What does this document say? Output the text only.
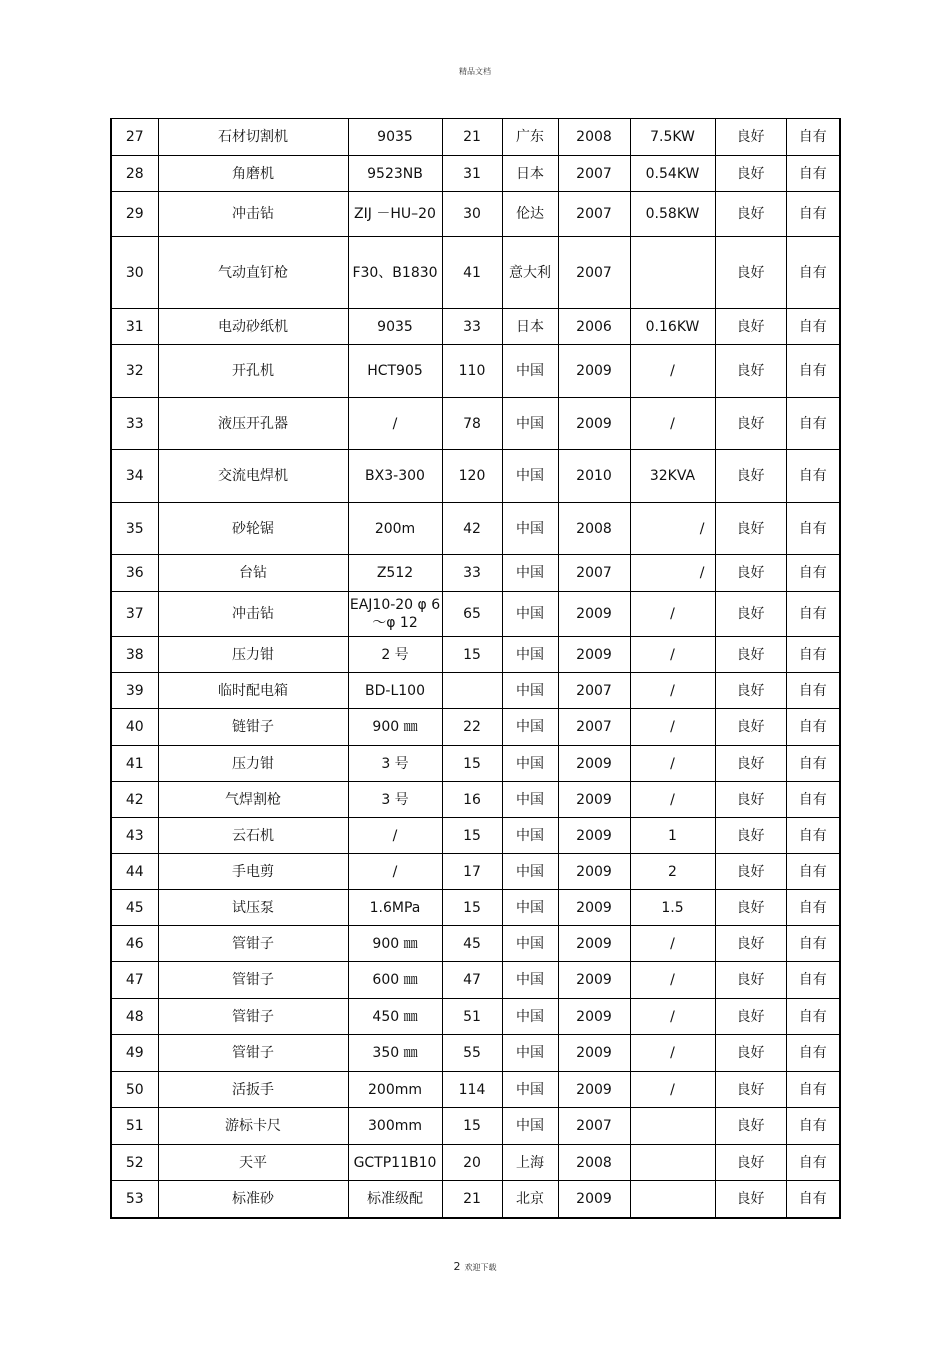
精品文档
27	石材切割机	9035	21	广东	2008	7.5KW	良好	自有
28	角磨机	9523NB	31	日本	2007	0.54KW	良好	自有
29	冲击钻	ZIJ －HU–20	30	伦达	2007	0.58KW	良好	自有
30	气动直钉枪	F30、B1830	41	意大利	2007		良好	自有
31	电动砂纸机	9035	33	日本	2006	0.16KW	良好	自有
32	开孔机	HCT905	110	中国	2009	/	良好	自有
33	液压开孔器	/	78	中国	2009	/	良好	自有
34	交流电焊机	BX3-300	120	中国	2010	32KVA	良好	自有
35	砂轮锯	200m	42	中国	2008	/	良好	自有
36	台钻	Z512	33	中国	2007	/	良好	自有
37	冲击钻	EAJ10-20 φ 6～φ 12	65	中国	2009	/	良好	自有
38	压力钳	2 号	15	中国	2009	/	良好	自有
39	临时配电箱	BD-L100		中国	2007	/	良好	自有
40	链钳子	900 ㎜	22	中国	2007	/	良好	自有
41	压力钳	3 号	15	中国	2009	/	良好	自有
42	气焊割枪	3 号	16	中国	2009	/	良好	自有
43	云石机	/	15	中国	2009	1	良好	自有
44	手电剪	/	17	中国	2009	2	良好	自有
45	试压泵	1.6MPa	15	中国	2009	1.5	良好	自有
46	管钳子	900 ㎜	45	中国	2009	/	良好	自有
47	管钳子	600 ㎜	47	中国	2009	/	良好	自有
48	管钳子	450 ㎜	51	中国	2009	/	良好	自有
49	管钳子	350 ㎜	55	中国	2009	/	良好	自有
50	活扳手	200mm	114	中国	2009	/	良好	自有
51	游标卡尺	300mm	15	中国	2007		良好	自有
52	天平	GCTP11B10	20	上海	2008		良好	自有
53	标准砂	标准级配	21	北京	2009		良好	自有
2 欢迎下载
